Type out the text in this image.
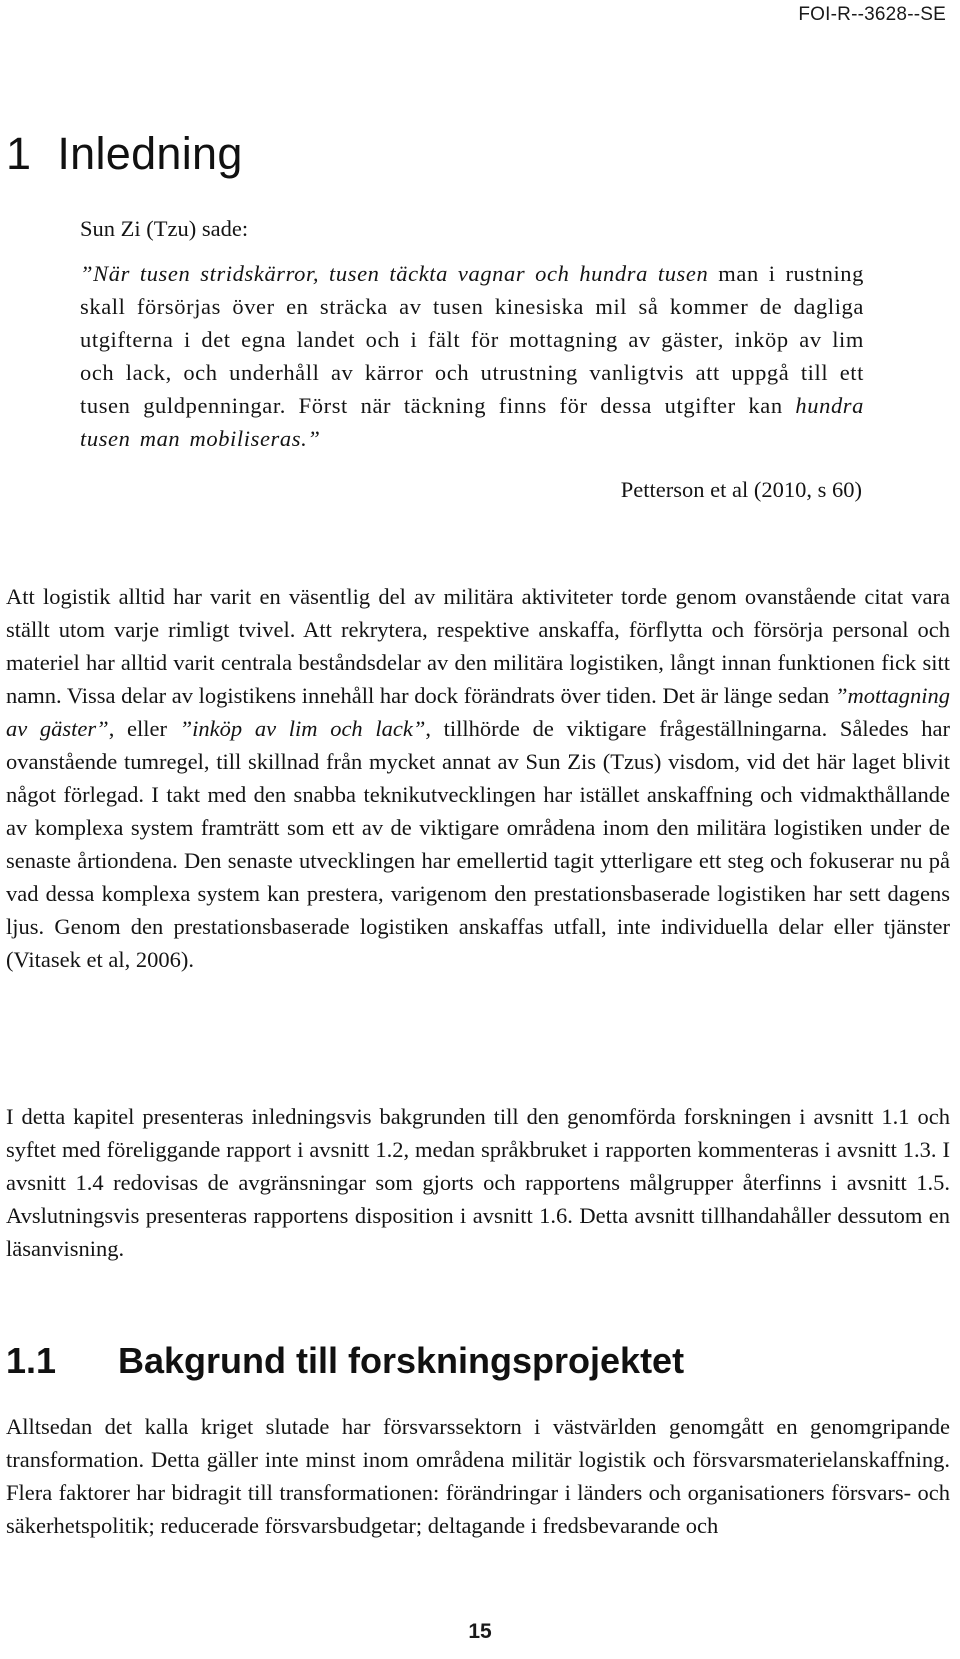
FOI-R--3628--SE
1 Inledning

Sun Zi (Tzu) sade:

”När tusen stridskärror, tusen täckta vagnar och hundra tusen man i rustning skall försörjas över en sträcka av tusen kinesiska mil så kommer de dagliga utgifterna i det egna landet och i fält för mottagning av gäster, inköp av lim och lack, och underhåll av kärror och utrustning vanligtvis att uppgå till ett tusen guldpenningar. Först när täckning finns för dessa utgifter kan hundra tusen man mobiliseras.”

Petterson et al (2010, s 60)

Att logistik alltid har varit en väsentlig del av militära aktiviteter torde genom ovanstående citat vara ställt utom varje rimligt tvivel. Att rekrytera, respektive anskaffa, förflytta och försörja personal och materiel har alltid varit centrala beståndsdelar av den militära logistiken, långt innan funktionen fick sitt namn. Vissa delar av logistikens innehåll har dock förändrats över tiden. Det är länge sedan ”mottagning av gäster”, eller ”inköp av lim och lack”, tillhörde de viktigare frågeställningarna. Således har ovanstående tumregel, till skillnad från mycket annat av Sun Zis (Tzus) visdom, vid det här laget blivit något förlegad. I takt med den snabba teknikutvecklingen har istället anskaffning och vidmakthållande av komplexa system framträtt som ett av de viktigare områdena inom den militära logistiken under de senaste årtiondena. Den senaste utvecklingen har emellertid tagit ytterligare ett steg och fokuserar nu på vad dessa komplexa system kan prestera, varigenom den prestationsbaserade logistiken har sett dagens ljus. Genom den prestationsbaserade logistiken anskaffas utfall, inte individuella delar eller tjänster (Vitasek et al, 2006).

I detta kapitel presenteras inledningsvis bakgrunden till den genomförda forskningen i avsnitt 1.1 och syftet med föreliggande rapport i avsnitt 1.2, medan språkbruket i rapporten kommenteras i avsnitt 1.3. I avsnitt 1.4 redovisas de avgränsningar som gjorts och rapportens målgrupper återfinns i avsnitt 1.5. Avslutningsvis presenteras rapportens disposition i avsnitt 1.6. Detta avsnitt tillhandahåller dessutom en läsanvisning.

1.1 Bakgrund till forskningsprojektet

Alltsedan det kalla kriget slutade har försvarssektorn i västvärlden genomgått en genomgripande transformation. Detta gäller inte minst inom områdena militär logistik och försvarsmaterielanskaffning. Flera faktorer har bidragit till transformationen: förändringar i länders och organisationers försvars- och säkerhetspolitik; reducerade försvarsbudgetar; deltagande i fredsbevarande och

15
